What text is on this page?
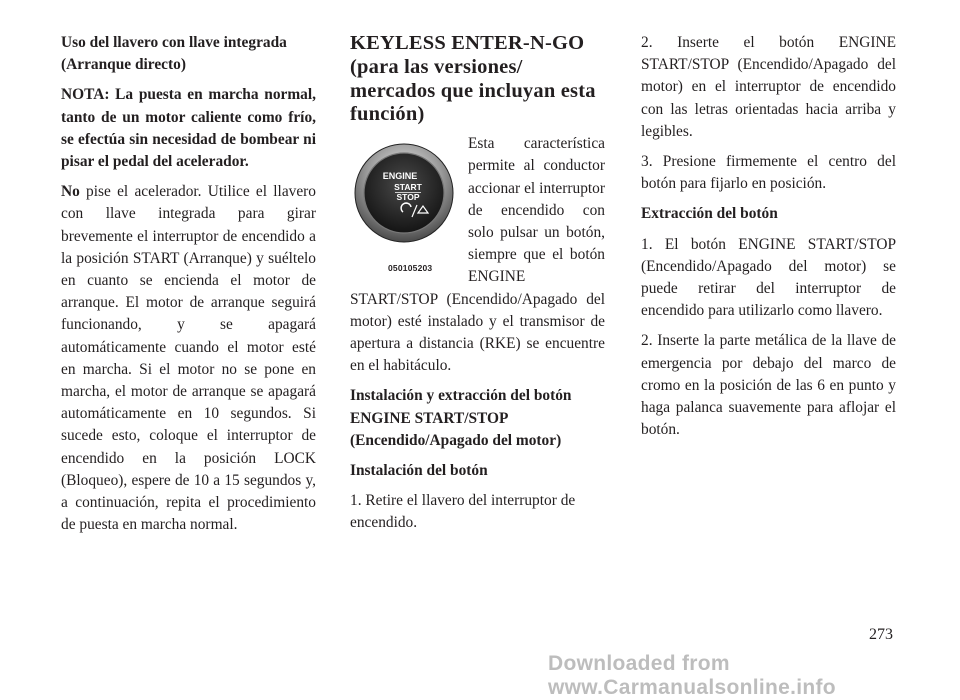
Uso del llavero con llave integrada (Arranque directo)

NOTA: La puesta en marcha normal, tanto de un motor caliente como frío, se efectúa sin necesidad de bombear ni pisar el pedal del acelerador.

No pise el acelerador. Utilice el llavero con llave integrada para girar brevemente el interruptor de encendido a la posición START (Arranque) y suéltelo en cuanto se encienda el motor de arranque. El motor de arranque seguirá funcionando, y se apagará automáticamente cuando el motor esté en marcha. Si el motor no se pone en marcha, el motor de arranque se apagará automáticamente en 10 segundos. Si sucede esto, coloque el interruptor de encendido en la posición LOCK (Bloqueo), espere de 10 a 15 segundos y, a continuación, repita el procedimiento de puesta en marcha normal.

KEYLESS ENTER-N-GO
(para las versiones/
mercados que incluyan esta
función)

ENGINE
START
STOP
050105203
Esta característica permite al conductor accionar el interruptor de encendido con solo pulsar un botón, siempre que el botón ENGINE START/STOP (Encendido/Apagado del motor) esté instalado y el transmisor de apertura a distancia (RKE) se encuentre en el habitáculo.

Instalación y extracción del botón
ENGINE START/STOP
(Encendido/Apagado del motor)

Instalación del botón

1. Retire el llavero del interruptor de encendido.

2. Inserte el botón ENGINE START/STOP (Encendido/Apagado del motor) en el interruptor de encendido con las letras orientadas hacia arriba y legibles.

3. Presione firmemente el centro del botón para fijarlo en posición.

Extracción del botón

1. El botón ENGINE START/STOP (Encendido/Apagado del motor) se puede retirar del interruptor de encendido para utilizarlo como llavero.

2. Inserte la parte metálica de la llave de emergencia por debajo del marco de cromo en la posición de las 6 en punto y haga palanca suavemente para aflojar el botón.

273
Downloaded from www.Carmanualsonline.info
